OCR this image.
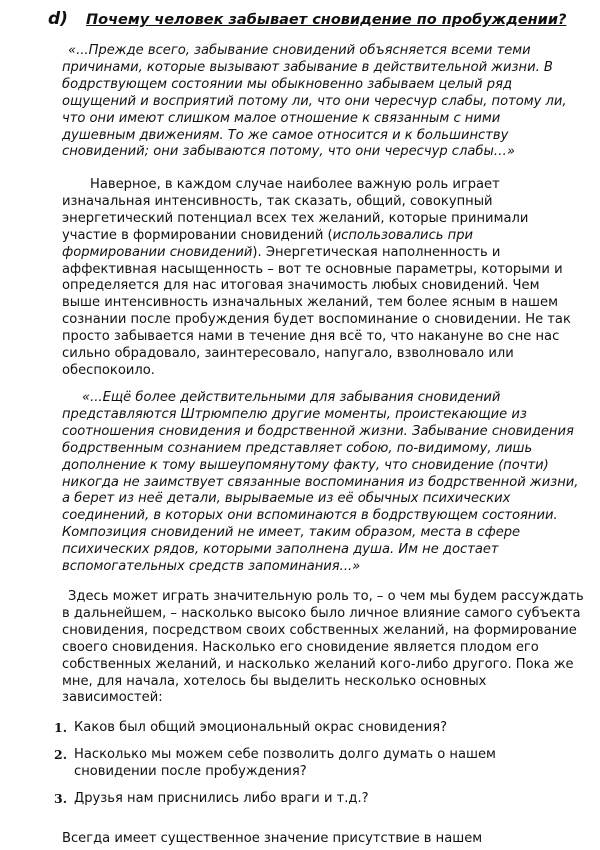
d) Почему человек забывает сновидение по пробуждении?

«...Прежде всего, забывание сновидений объясняется всеми теми причинами, которые вызывают забывание в действительной жизни. В бодрствующем состоянии мы обыкновенно забываем целый ряд ощущений и восприятий потому ли, что они чересчур слабы, потому ли, что они имеют слишком малое отношение к связанным с ними душевным движениям. То же самое относится и к большинству сновидений; они забываются потому, что они чересчур слабы…»

Наверное, в каждом случае наиболее важную роль играет изначальная интенсивность, так сказать, общий, совокупный энергетический потенциал всех тех желаний, которые принимали участие в формировании сновидений (использовались при формировании сновидений). Энергетическая наполненность и аффективная насыщенность – вот те основные параметры, которыми и определяется для нас итоговая значимость любых сновидений. Чем выше интенсивность изначальных желаний, тем более ясным в нашем сознании после пробуждения будет воспоминание о сновидении. Не так просто забывается нами в течение дня всё то, что накануне во сне нас сильно обрадовало, заинтересовало, напугало, взволновало или обеспокоило.

«...Ещё более действительными для забывания сновидений представляются Штрюмпелю другие моменты, проистекающие из соотношения сновидения и бодрственной жизни. Забывание сновидения бодрственным сознанием представляет собою, по-видимому, лишь дополнение к тому вышеупомянутому факту, что сновидение (почти) никогда не заимствует связанные воспоминания из бодрственной жизни, а берет из неё детали, вырываемые из её обычных психических соединений, в которых они вспоминаются в бодрствующем состоянии. Композиция сновидений не имеет, таким образом, места в сфере психических рядов, которыми заполнена душа. Им не достает вспомогательных средств запоминания...»

Здесь может играть значительную роль то, – о чем мы будем рассуждать в дальнейшем, – насколько высоко было личное влияние самого субъекта сновидения, посредством своих собственных желаний, на формирование своего сновидения. Насколько его сновидение является плодом его собственных желаний, и насколько желаний кого-либо другого. Пока же мне, для начала, хотелось бы выделить несколько основных зависимостей:

1. Каков был общий эмоциональный окрас сновидения?
2. Насколько мы можем себе позволить долго думать о нашем сновидении после пробуждения?
3. Друзья нам приснились либо враги и т.д.?

Всегда имеет существенное значение присутствие в нашем
